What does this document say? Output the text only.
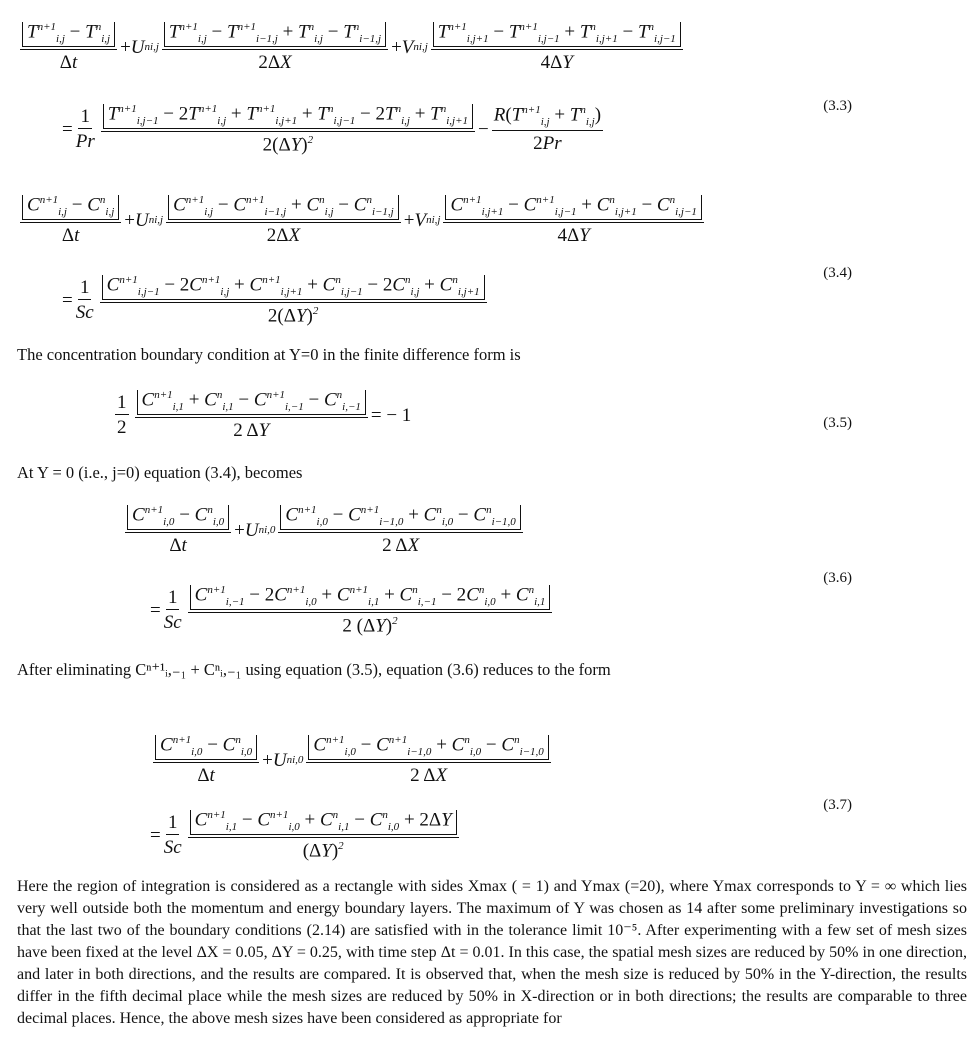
$\frac{T^{n+1}_{i,j} - T^n_{i,j}}{\Delta t} + U$ n $i,j \frac{T^{n+1}_{i,j} - T^{n+1}_{i-1,j} + T^n_{i,j} - T^n_{i-1,j}}{2\Delta X} + V$ n $i,j \frac{T^{n+1}_{i,j+1} - T^{n+1}_{i,j-1} + T^n_{i,j+1} - T^n_{i,j-1}}{4\Delta Y}$
= $\frac{1}{Pr} T^{n+1}_{i,j-1} - 2T^{n+1}_{i,j} + T^{n+1}_{i,j+1} + T^n_{i,j-1} - 2T^n_{i,j} + T^n_{i,j+1}$
$2(\Delta Y)^2$
− $\frac{R(T^{n+1}_{i,j} + T^n_{i,j})}{2Pr}$	(3.3)
$\frac{C^{n+1}_{i,j} - C^n_{i,j}}{\Delta t} + U$ n $i,j \frac{C^{n+1}_{i,j} - C^{n+1}_{i-1,j} + C^n_{i,j} - C^n_{i-1,j}}{2\Delta X} + V$ n $i,j \frac{C^{n+1}_{i,j+1} - C^{n+1}_{i,j-1} + C^n_{i,j+1} - C^n_{i,j-1}}{4\Delta Y}$
= $\frac{1}{Sc} C^{n+1}_{i,j-1} - 2C^{n+1}_{i,j} + C^{n+1}_{i,j+1} + C^n_{i,j-1} - 2C^n_{i,j} + C^n_{i,j+1}$
$2(\Delta Y)^2$
(3.4)
The concentration boundary condition at Y=0 in the finite difference form is
$\frac{1}{2} \frac{C^{n+1}_{i,1} + C^n_{i,1} - C^{n+1}_{i,-1} - C^n_{i,-1}}{2 \Delta Y}$ = − 1	(3.5)
At Y = 0 (i.e., j=0) equation (3.4), becomes
$\frac{C^{n+1}_{i,0} - C^n_{i,0}}{\Delta t} + U$ n $i,0 \frac{C^{n+1}_{i,0} - C^{n+1}_{i-1,0} + C^n_{i,0} - C^n_{i-1,0}}{2 \Delta X}$
= $\frac{1}{Sc} \frac{C^{n+1}_{i,-1} - 2C^{n+1}_{i,0} + C^{n+1}_{i,1} + C^n_{i,-1} - 2C^n_{i,0} + C^n_{i,1}}{2 (\Delta Y)^2}$
(3.6)
After eliminating Cⁿ⁺¹ᵢ,₋₁ + Cⁿᵢ,₋₁ using equation (3.5), equation (3.6) reduces to the form
$\frac{C^{n+1}_{i,0} - C^n_{i,0}}{\Delta t} + U$ n $i,0 \frac{C^{n+1}_{i,0} - C^{n+1}_{i-1,0} + C^n_{i,0} - C^n_{i-1,0}}{2 \Delta X}$
= $\frac{1}{Sc} \frac{C^{n+1}_{i,1} - C^{n+1}_{i,0} + C^n_{i,1} - C^n_{i,0} + 2\Delta Y}{(\Delta Y)^2}$
(3.7)
Here the region of integration is considered as a rectangle with sides Xmax ( = 1) and Ymax (=20), where Ymax corresponds to Y = ∞ which lies very well outside both the momentum and energy boundary layers. The maximum of Y was chosen as 14 after some preliminary investigations so that the last two of the boundary conditions (2.14) are satisfied with in the tolerance limit 10⁻⁵. After experimenting with a few set of mesh sizes have been fixed at the level ΔX = 0.05, ΔY = 0.25, with time step Δt = 0.01. In this case, the spatial mesh sizes are reduced by 50% in one direction, and later in both directions, and the results are compared. It is observed that, when the mesh size is reduced by 50% in the Y-direction, the results differ in the fifth decimal place while the mesh sizes are reduced by 50% in X-direction or in both directions; the results are comparable to three decimal places. Hence, the above mesh sizes have been considered as appropriate for
